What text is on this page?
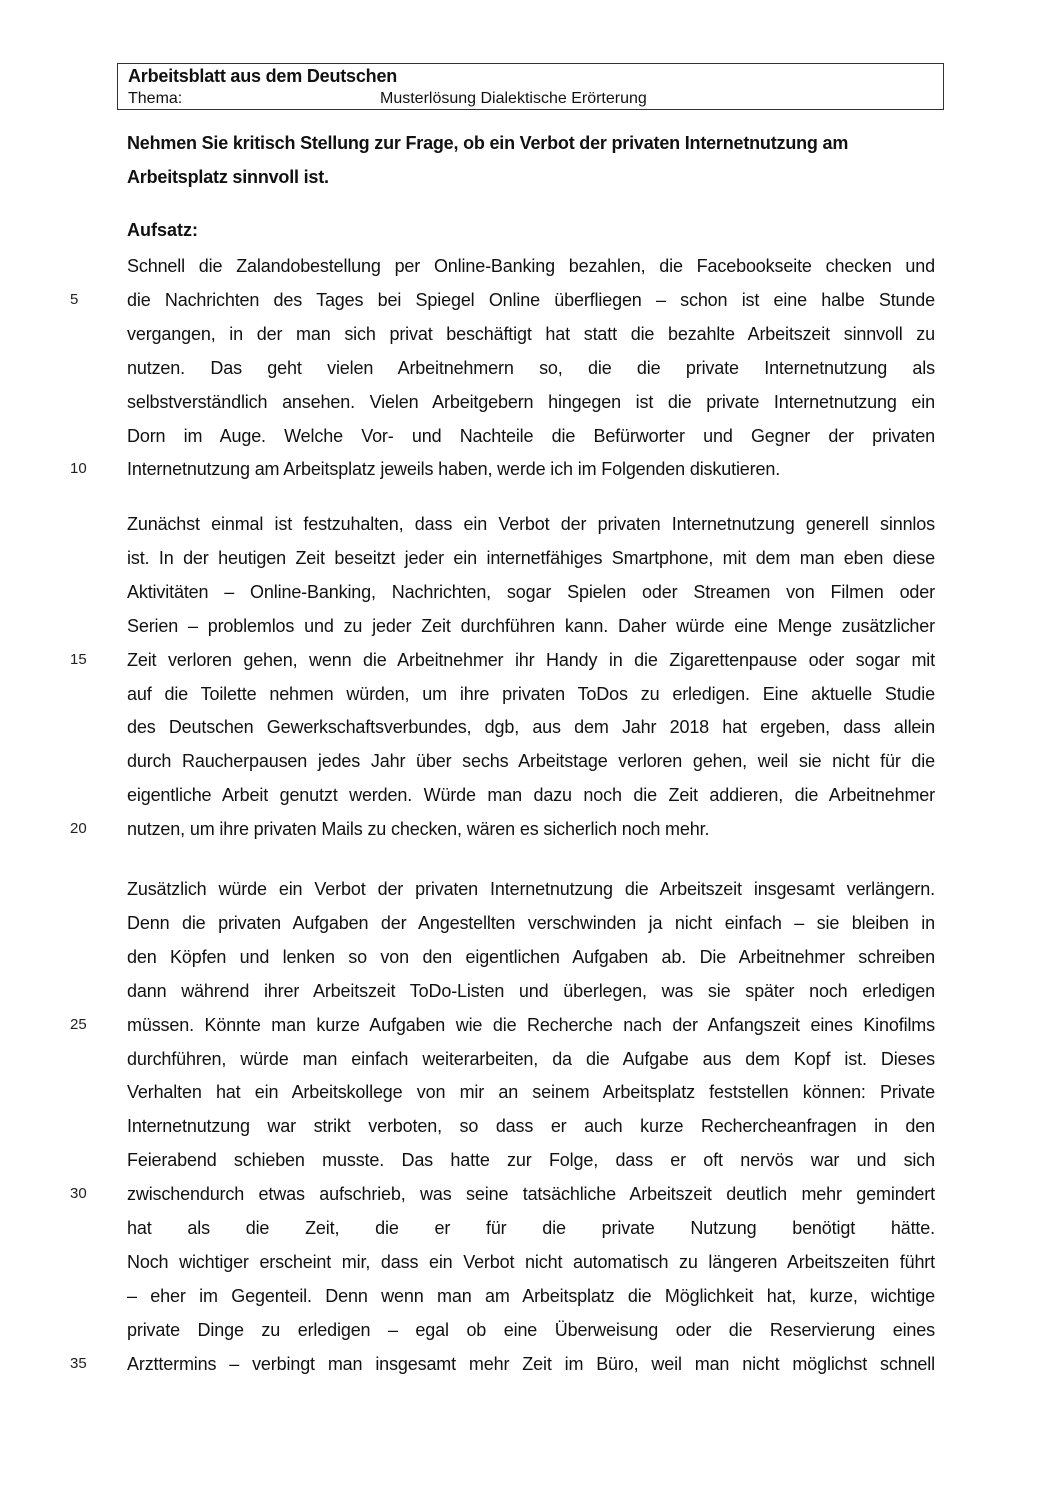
Arbeitsblatt aus dem Deutschen
Thema:	Musterlösung Dialektische Erörterung
Nehmen Sie kritisch Stellung zur Frage, ob ein Verbot der privaten Internetnutzung am Arbeitsplatz sinnvoll ist.
Aufsatz:
Schnell die Zalandobestellung per Online-Banking bezahlen, die Facebookseite checken und
die Nachrichten des Tages bei Spiegel Online überfliegen – schon ist eine halbe Stunde
5
vergangen, in der man sich privat beschäftigt hat statt die bezahlte Arbeitszeit sinnvoll zu
nutzen. Das geht vielen Arbeitnehmern so, die die private Internetnutzung als
selbstverständlich ansehen. Vielen Arbeitgebern hingegen ist die private Internetnutzung ein
Dorn im Auge. Welche Vor- und Nachteile die Befürworter und Gegner der privaten
Internetnutzung am Arbeitsplatz jeweils haben, werde ich im Folgenden diskutieren.
10
Zunächst einmal ist festzuhalten, dass ein Verbot der privaten Internetnutzung generell sinnlos
ist. In der heutigen Zeit beseitzt jeder ein internetfähiges Smartphone, mit dem man eben diese
Aktivitäten – Online-Banking, Nachrichten, sogar Spielen oder Streamen von Filmen oder
Serien – problemlos und zu jeder Zeit durchführen kann. Daher würde eine Menge zusätzlicher
Zeit verloren gehen, wenn die Arbeitnehmer ihr Handy in die Zigarettenpause oder sogar mit
15
auf die Toilette nehmen würden, um ihre privaten ToDos zu erledigen. Eine aktuelle Studie
des Deutschen Gewerkschaftsverbundes, dgb, aus dem Jahr 2018 hat ergeben, dass allein
durch Raucherpausen jedes Jahr über sechs Arbeitstage verloren gehen, weil sie nicht für die
eigentliche Arbeit genutzt werden. Würde man dazu noch die Zeit addieren, die Arbeitnehmer
nutzen, um ihre privaten Mails zu checken, wären es sicherlich noch mehr.
20
Zusätzlich würde ein Verbot der privaten Internetnutzung die Arbeitszeit insgesamt verlängern.
Denn die privaten Aufgaben der Angestellten verschwinden ja nicht einfach – sie bleiben in
den Köpfen und lenken so von den eigentlichen Aufgaben ab. Die Arbeitnehmer schreiben
dann während ihrer Arbeitszeit ToDo-Listen und überlegen, was sie später noch erledigen
müssen. Könnte man kurze Aufgaben wie die Recherche nach der Anfangszeit eines Kinofilms
25
durchführen, würde man einfach weiterarbeiten, da die Aufgabe aus dem Kopf ist. Dieses
Verhalten hat ein Arbeitskollege von mir an seinem Arbeitsplatz feststellen können: Private
Internetnutzung war strikt verboten, so dass er auch kurze Rechercheanfragen in den
Feierabend schieben musste. Das hatte zur Folge, dass er oft nervös war und sich
zwischendurch etwas aufschrieb, was seine tatsächliche Arbeitszeit deutlich mehr gemindert
30
hat als die Zeit, die er für die private Nutzung benötigt hätte.
Noch wichtiger erscheint mir, dass ein Verbot nicht automatisch zu längeren Arbeitszeiten führt
– eher im Gegenteil. Denn wenn man am Arbeitsplatz die Möglichkeit hat, kurze, wichtige
private Dinge zu erledigen – egal ob eine Überweisung oder die Reservierung eines
Arzttermins – verbingt man insgesamt mehr Zeit im Büro, weil man nicht möglichst schnell
35
